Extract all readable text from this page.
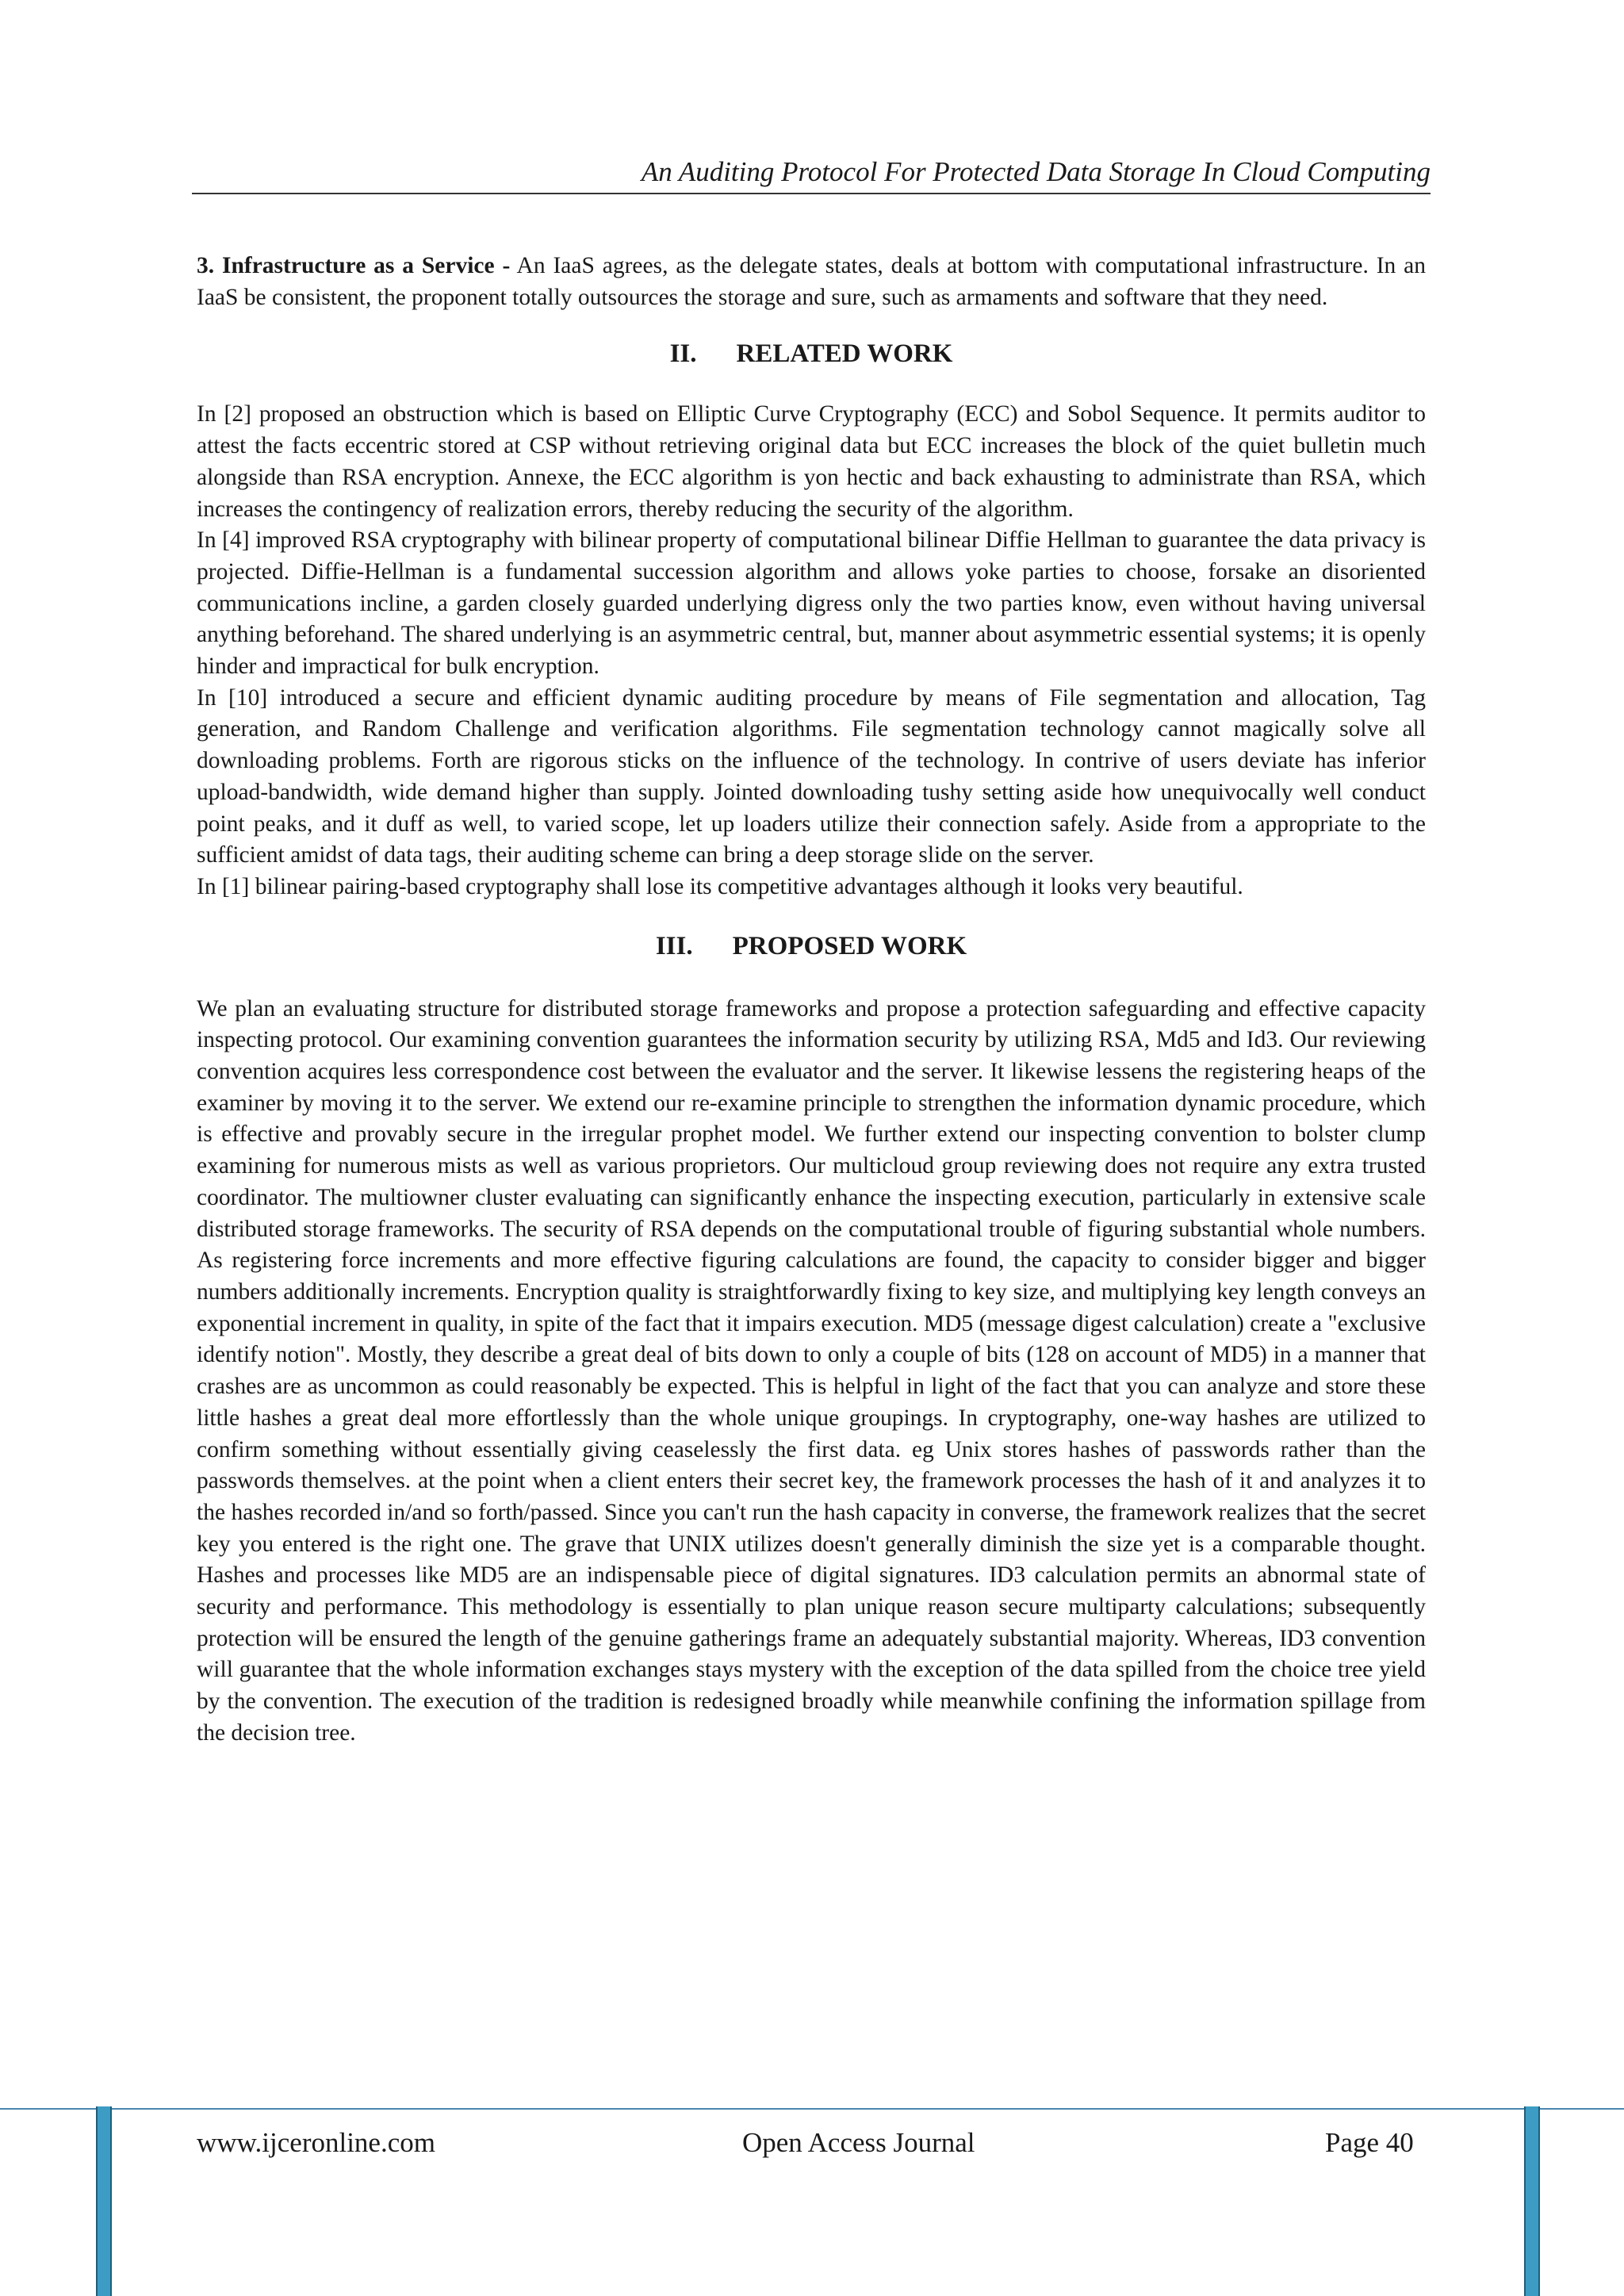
An Auditing Protocol For Protected Data Storage In Cloud Computing

3. Infrastructure as a Service - An IaaS agrees, as the delegate states, deals at bottom with computational infrastructure. In an IaaS be consistent, the proponent totally outsources the storage and sure, such as armaments and software that they need.

II. RELATED WORK

In [2] proposed an obstruction which is based on Elliptic Curve Cryptography (ECC) and Sobol Sequence. It permits auditor to attest the facts eccentric stored at CSP without retrieving original data but ECC increases the block of the quiet bulletin much alongside than RSA encryption. Annexe, the ECC algorithm is yon hectic and back exhausting to administrate than RSA, which increases the contingency of realization errors, thereby reducing the security of the algorithm.

In [4] improved RSA cryptography with bilinear property of computational bilinear Diffie Hellman to guarantee the data privacy is projected. Diffie-Hellman is a fundamental succession algorithm and allows yoke parties to choose, forsake an disoriented communications incline, a garden closely guarded underlying digress only the two parties know, even without having universal anything beforehand. The shared underlying is an asymmetric central, but, manner about asymmetric essential systems; it is openly hinder and impractical for bulk encryption.

In [10] introduced a secure and efficient dynamic auditing procedure by means of File segmentation and allocation, Tag generation, and Random Challenge and verification algorithms. File segmentation technology cannot magically solve all downloading problems. Forth are rigorous sticks on the influence of the technology. In contrive of users deviate has inferior upload-bandwidth, wide demand higher than supply. Jointed downloading tushy setting aside how unequivocally well conduct point peaks, and it duff as well, to varied scope, let up loaders utilize their connection safely. Aside from a appropriate to the sufficient amidst of data tags, their auditing scheme can bring a deep storage slide on the server.

In [1] bilinear pairing-based cryptography shall lose its competitive advantages although it looks very beautiful.

III. PROPOSED WORK

We plan an evaluating structure for distributed storage frameworks and propose a protection safeguarding and effective capacity inspecting protocol. Our examining convention guarantees the information security by utilizing RSA, Md5 and Id3. Our reviewing convention acquires less correspondence cost between the evaluator and the server. It likewise lessens the registering heaps of the examiner by moving it to the server. We extend our re-examine principle to strengthen the information dynamic procedure, which is effective and provably secure in the irregular prophet model. We further extend our inspecting convention to bolster clump examining for numerous mists as well as various proprietors. Our multicloud group reviewing does not require any extra trusted coordinator. The multiowner cluster evaluating can significantly enhance the inspecting execution, particularly in extensive scale distributed storage frameworks. The security of RSA depends on the computational trouble of figuring substantial whole numbers. As registering force increments and more effective figuring calculations are found, the capacity to consider bigger and bigger numbers additionally increments. Encryption quality is straightforwardly fixing to key size, and multiplying key length conveys an exponential increment in quality, in spite of the fact that it impairs execution. MD5 (message digest calculation) create a "exclusive identify notion". Mostly, they describe a great deal of bits down to only a couple of bits (128 on account of MD5) in a manner that crashes are as uncommon as could reasonably be expected. This is helpful in light of the fact that you can analyze and store these little hashes a great deal more effortlessly than the whole unique groupings. In cryptography, one-way hashes are utilized to confirm something without essentially giving ceaselessly the first data. eg Unix stores hashes of passwords rather than the passwords themselves. at the point when a client enters their secret key, the framework processes the hash of it and analyzes it to the hashes recorded in/and so forth/passed. Since you can't run the hash capacity in converse, the framework realizes that the secret key you entered is the right one. The grave that UNIX utilizes doesn't generally diminish the size yet is a comparable thought. Hashes and processes like MD5 are an indispensable piece of digital signatures. ID3 calculation permits an abnormal state of security and performance. This methodology is essentially to plan unique reason secure multiparty calculations; subsequently protection will be ensured the length of the genuine gatherings frame an adequately substantial majority. Whereas, ID3 convention will guarantee that the whole information exchanges stays mystery with the exception of the data spilled from the choice tree yield by the convention. The execution of the tradition is redesigned broadly while meanwhile confining the information spillage from the decision tree.

www.ijceronline.com	Open Access Journal	Page 40
